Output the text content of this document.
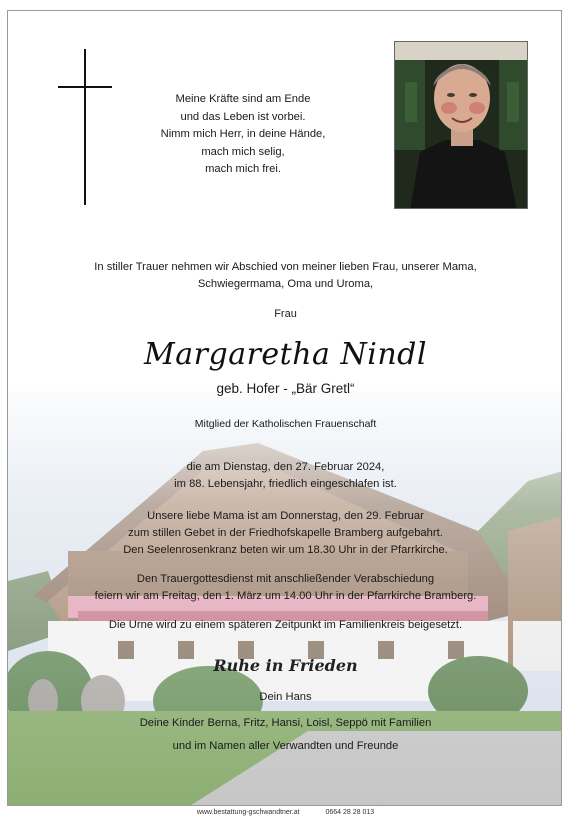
Meine Kräfte sind am Ende
und das Leben ist vorbei.
Nimm mich Herr, in deine Hände,
mach mich selig,
mach mich frei.
In stiller Trauer nehmen wir Abschied von meiner lieben Frau, unserer Mama,
Schwiegermama, Oma und Uroma,
Frau
Margaretha Nindl
geb. Hofer - „Bär Gretl“
Mitglied der Katholischen Frauenschaft
die am Dienstag, den 27. Februar 2024,
im 88. Lebensjahr, friedlich eingeschlafen ist.
Unsere liebe Mama ist am Donnerstag, den 29. Februar
zum stillen Gebet in der Friedhofskapelle Bramberg aufgebahrt.
Den Seelenrosenkranz beten wir um 18.30 Uhr in der Pfarrkirche.
Den Trauergottesdienst mit anschließender Verabschiedung
feiern wir am Freitag, den 1. März um 14.00 Uhr in der Pfarrkirche Bramberg.
Die Urne wird zu einem späteren Zeitpunkt im Familienkreis beigesetzt.
Ruhe in Frieden
Dein Hans
Deine Kinder Berna, Fritz, Hansi, Loisl, Seppö mit Familien
und im Namen aller Verwandten und Freunde
www.bestattung-gschwandtner.at	0664 28 28 013
